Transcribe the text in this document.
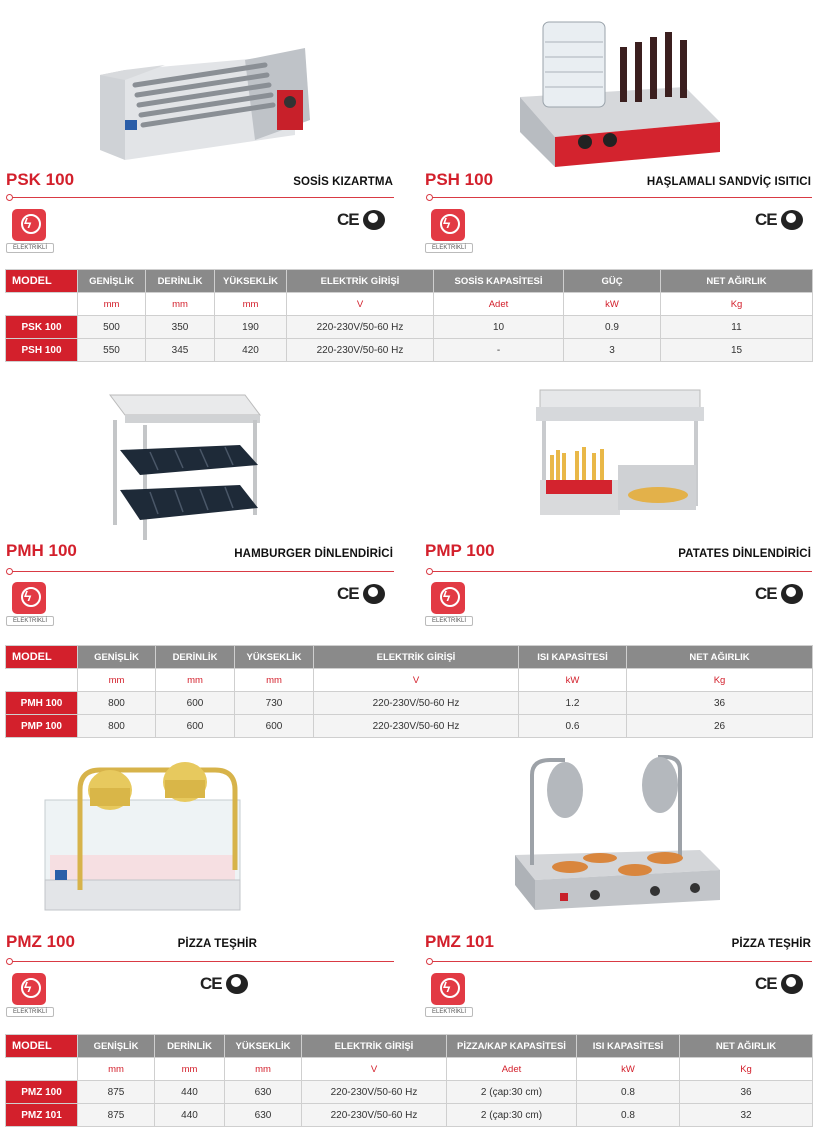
PSK 100	SOSİS KIZARTMA
ϟ
ELEKTRİKLİ
CE
PSH 100	HAŞLAMALI SANDVİÇ ISITICI
ϟ
ELEKTRİKLİ
CE
MODEL	GENİŞLİK	DERİNLİK	YÜKSEKLİK	ELEKTRİK GİRİŞİ	SOSİS KAPASİTESİ	GÜÇ	NET AĞIRLIK
	mm	mm	mm	V	Adet	kW	Kg
PSK 100	500	350	190	220-230V/50-60 Hz	10	0.9	11
PSH 100	550	345	420	220-230V/50-60 Hz	-	3	15
PMH 100	HAMBURGER DİNLENDİRİCİ
ϟ
ELEKTRİKLİ
CE
PMP 100	PATATES DİNLENDİRİCİ
ϟ
ELEKTRİKLİ
CE
MODEL	GENİŞLİK	DERİNLİK	YÜKSEKLİK	ELEKTRİK GİRİŞİ	ISI KAPASİTESİ	NET AĞIRLIK
	mm	mm	mm	V	kW	Kg
PMH 100	800	600	730	220-230V/50-60 Hz	1.2	36
PMP 100	800	600	600	220-230V/50-60 Hz	0.6	26
PMZ 100	PİZZA TEŞHİR
ϟ
ELEKTRİKLİ
CE
PMZ 101	PİZZA TEŞHİR
ϟ
ELEKTRİKLİ
CE
MODEL	GENİŞLİK	DERİNLİK	YÜKSEKLİK	ELEKTRİK GİRİŞİ	PİZZA/KAP KAPASİTESİ	ISI KAPASİTESİ	NET AĞIRLIK
	mm	mm	mm	V	Adet	kW	Kg
PMZ 100	875	440	630	220-230V/50-60 Hz	2 (çap:30 cm)	0.8	36
PMZ 101	875	440	630	220-230V/50-60 Hz	2 (çap:30 cm)	0.8	32
